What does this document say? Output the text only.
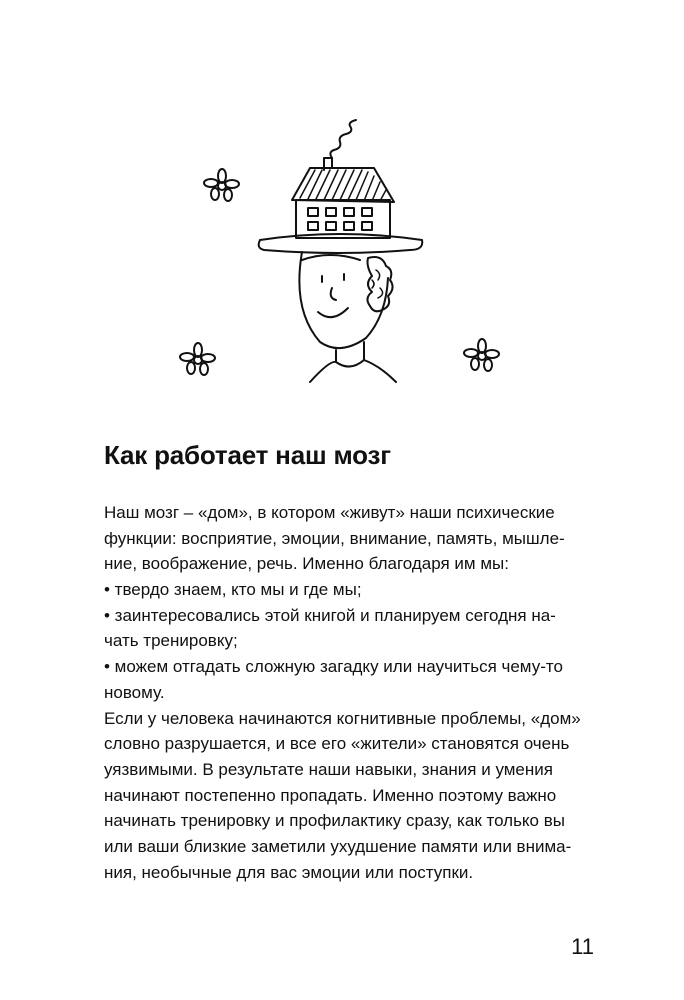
Как работает наш мозг
Наш мозг – «дом», в котором «живут» наши психические
функции: восприятие, эмоции, внимание, память, мышле-
ние, воображение, речь. Именно благодаря им мы:
• твердо знаем, кто мы и где мы;
• заинтересовались этой книгой и планируем сегодня на-
чать тренировку;
• можем отгадать сложную загадку или научиться чему-то
новому.
Если у человека начинаются когнитивные проблемы, «дом»
словно разрушается, и все его «жители» становятся очень
уязвимыми. В результате наши навыки, знания и умения
начинают постепенно пропадать. Именно поэтому важно
начинать тренировку и профилактику сразу, как только вы
или ваши близкие заметили ухудшение памяти или внима-
ния, необычные для вас эмоции или поступки.
11
